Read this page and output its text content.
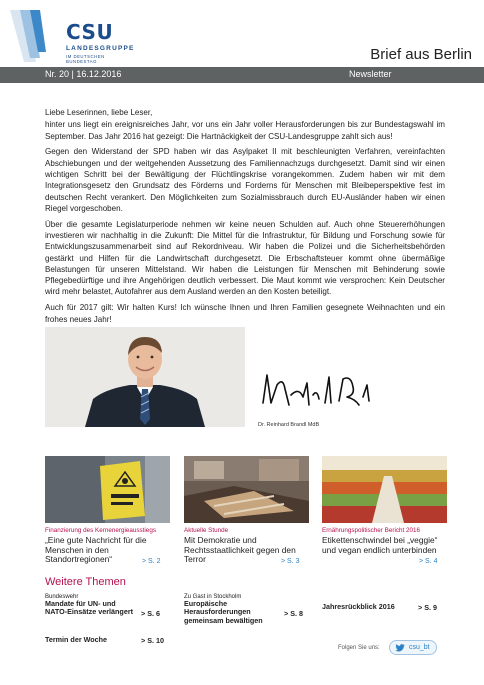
CSU
LANDESGRUPPE
IM DEUTSCHEN BUNDESTAG	Brief aus Berlin
Nr. 20 | 16.12.2016	Newsletter

Liebe Leserinnen, liebe Leser,

hinter uns liegt ein ereignisreiches Jahr, vor uns ein Jahr voller Herausforderungen bis zur Bundestagswahl im September. Das Jahr 2016 hat gezeigt: Die Hartnäckigkeit der CSU-Landesgruppe zahlt sich aus!

Gegen den Widerstand der SPD haben wir das Asylpaket II mit beschleunigten Verfahren, vereinfachten Abschiebungen und der weitgehenden Aussetzung des Familiennachzugs durchgesetzt. Damit sind wir einen wichtigen Schritt bei der Bewältigung der Flüchtlingskrise vorangekommen. Zudem haben wir mit dem Integrationsgesetz den Grundsatz des Förderns und Forderns für Menschen mit Bleibeperspektive fest im deutschen Recht verankert. Den Möglichkeiten zum Sozialmissbrauch durch EU-Ausländer haben wir einen Riegel vorgeschoben.

Über die gesamte Legislaturperiode nehmen wir keine neuen Schulden auf. Auch ohne Steuererhöhungen investieren wir nachhaltig in die Zukunft: Die Mittel für die Infrastruktur, für Bildung und Forschung sowie für Entwicklungszusammenarbeit sind auf Rekordniveau. Wir haben die Polizei und die Sicherheitsbehörden gestärkt und Hilfen für die Landwirtschaft durchgesetzt. Die Erbschaftsteuer kommt ohne übermäßige Belastungen für unseren Mittelstand. Wir haben die Leistungen für Menschen mit Behinderung sowie Pflegebedürftige und ihre Angehörigen deutlich verbessert. Die Maut kommt wie versprochen: Kein Deutscher wird mehr belastet, Autofahrer aus dem Ausland werden an den Kosten beteiligt.

Auch für 2017 gilt: Wir halten Kurs! Ich wünsche Ihnen und Ihren Familien gesegnete Weihnachten und ein frohes neues Jahr!

Dr. Reinhard Brandl MdB
Finanzierung des Kernenergieausstiegs
„Eine gute Nachricht für die Menschen in den Standortregionen“	> S. 2
Aktuelle Stunde
Mit Demokratie und Rechtsstaatlichkeit gegen den Terror	> S. 3
Ernährungspolitischer Bericht 2016
Etikettenschwindel bei „veggie“ und vegan endlich unterbinden
> S. 4
Weitere Themen
Bundeswehr
Mandate für UN- und NATO-Einsätze verlängert > S. 6
Zu Gast in Stockholm
Europäische Herausforderungen gemeinsam bewältigen
> S. 8
Jahresrückblick 2016	> S. 9
Termin der Woche	> S. 10
Folgen Sie uns:	csu_bt
